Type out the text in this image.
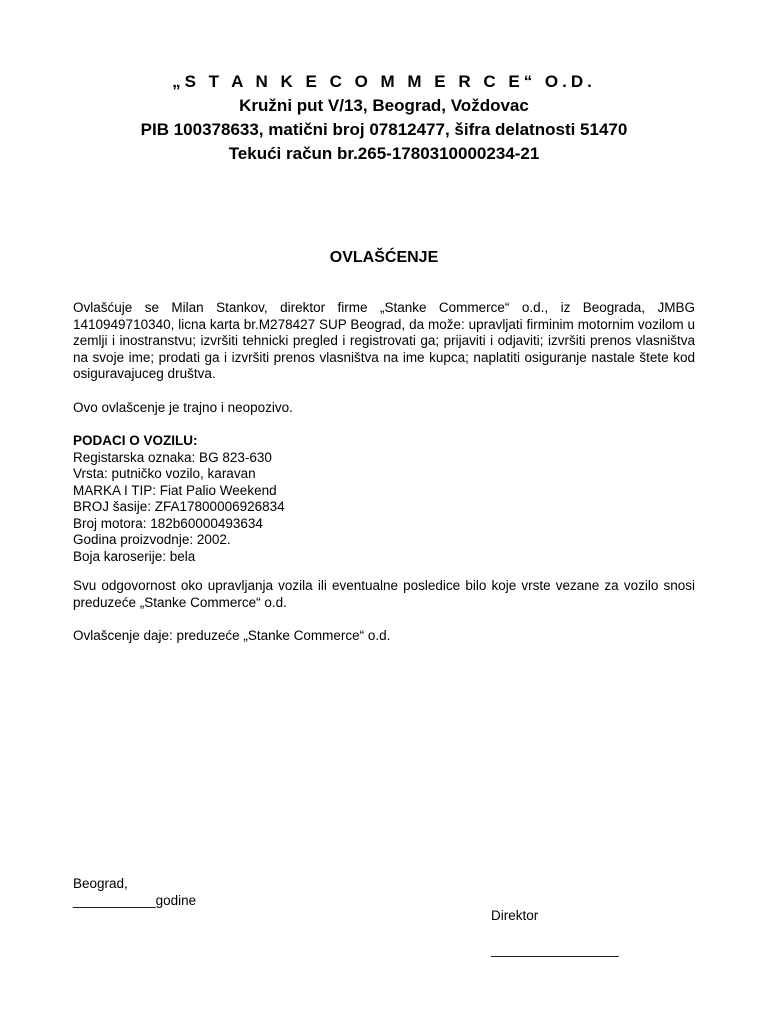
„S T A N K E C O M M E R C E“ O.D.
Kružni put V/13, Beograd, Voždovac
PIB 100378633, matični broj 07812477, šifra delatnosti 51470
Tekući račun br.265-1780310000234-21
OVLAŠĆENJE
Ovlašćuje se Milan Stankov, direktor firme „Stanke Commerce“ o.d., iz Beograda, JMBG 1410949710340, licna karta br.M278427 SUP Beograd, da može: upravljati firminim motornim vozilom u zemlji i inostranstvu; izvršiti tehnicki pregled i registrovati ga; prijaviti i odjaviti; izvršiti prenos vlasništva na svoje ime; prodati ga i izvršiti prenos vlasništva na ime kupca; naplatiti osiguranje nastale štete kod osiguravajuceg društva.
Ovo ovlašcenje je trajno i neopozivo.
PODACI O VOZILU:
Registarska oznaka: BG 823-630
Vrsta: putničko vozilo, karavan
MARKA I TIP: Fiat Palio Weekend
BROJ šasije: ZFA17800006926834
Broj motora: 182b60000493634
Godina proizvodnje: 2002.
Boja karoserije: bela
Svu odgovornost oko upravljanja vozila ili eventualne posledice bilo koje vrste vezane za vozilo snosi preduzeće „Stanke Commerce“ o.d.
Ovlašcenje daje: preduzeće „Stanke Commerce“ o.d.
Beograd,
___________godine
Direktor
_________________
